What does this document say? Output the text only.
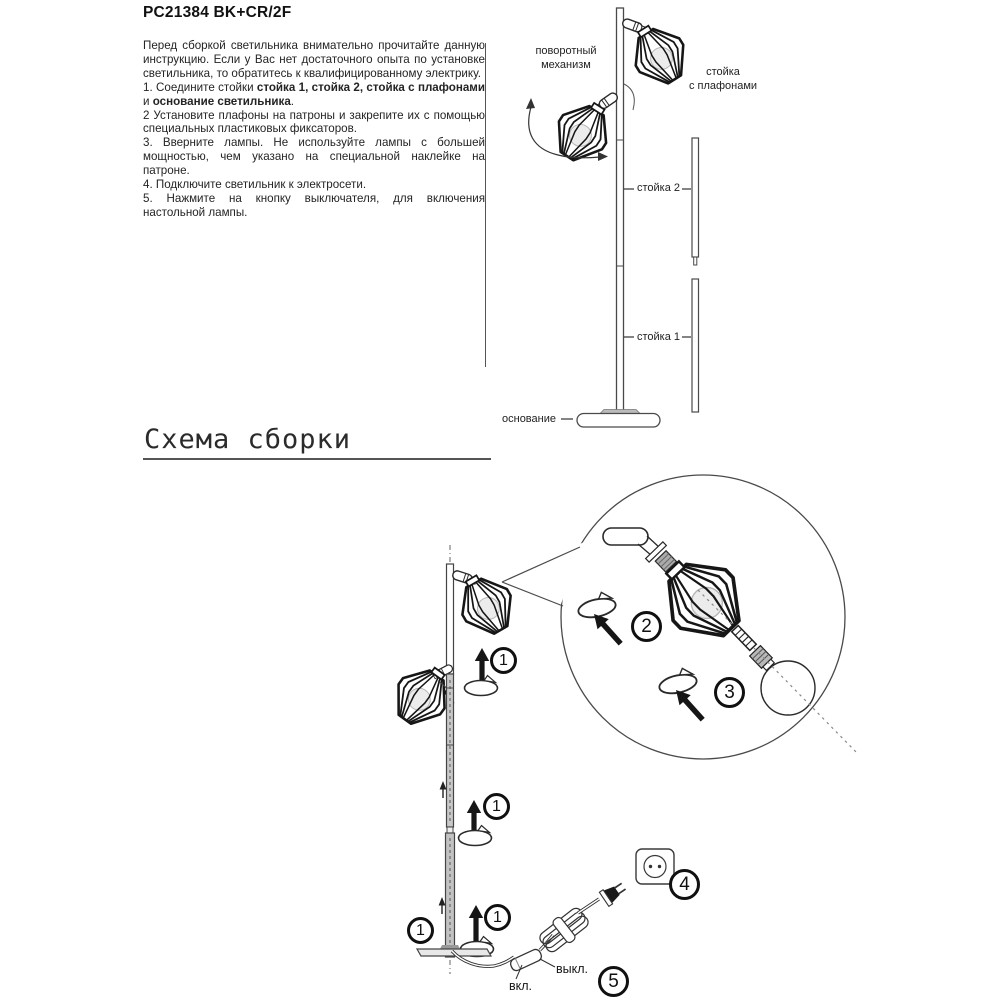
PC21384 BK+CR/2F
Перед сборкой светильника внимательно прочитайте данную инструкцию. Если у Вас нет достаточного опыта по установке светильника, то обратитесь к квалифицированному электрику.
1. Соедините стойки стойка 1, стойка 2, стойка с плафонами и основание светильника.
2 Установите плафоны на патроны и закрепите их с помощью специальных пластиковых фиксаторов.
3. Вверните лампы. Не используйте лампы с большей мощностью, чем указано на специальной наклейке на патроне.
4. Подключите светильник к электросети.
5. Нажмите на кнопку выключателя, для включения настольной лампы.
Схема сборки
поворотный
механизм
стойка
с плафонами
стойка 2
стойка 1
основание
выкл.
вкл.
1
1
1
1
2
3
4
5
